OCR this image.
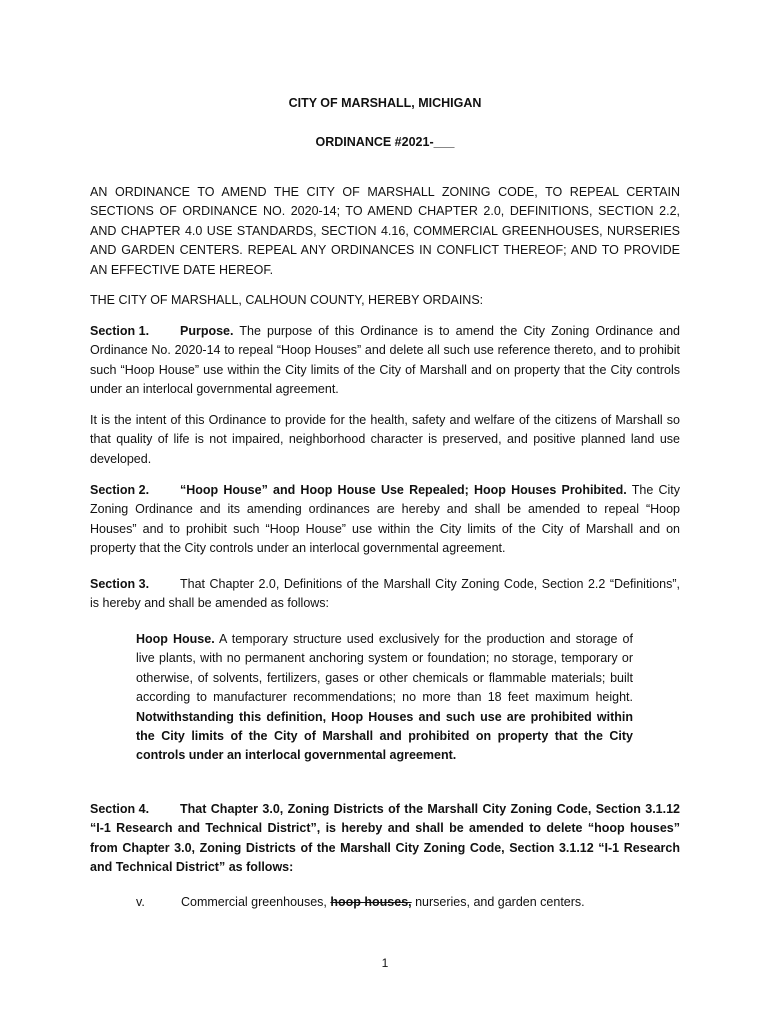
CITY OF MARSHALL, MICHIGAN
ORDINANCE #2021-___

AN ORDINANCE TO AMEND THE CITY OF MARSHALL ZONING CODE, TO REPEAL CERTAIN SECTIONS OF ORDINANCE NO. 2020-14; TO AMEND CHAPTER 2.0, DEFINITIONS, SECTION 2.2, AND CHAPTER 4.0 USE STANDARDS, SECTION 4.16, COMMERCIAL GREENHOUSES, NURSERIES AND GARDEN CENTERS. REPEAL ANY ORDINANCES IN CONFLICT THEREOF; AND TO PROVIDE AN EFFECTIVE DATE HEREOF.

THE CITY OF MARSHALL, CALHOUN COUNTY, HEREBY ORDAINS:

Section 1. Purpose. The purpose of this Ordinance is to amend the City Zoning Ordinance and Ordinance No. 2020-14 to repeal “Hoop Houses” and delete all such use reference thereto, and to prohibit such “Hoop House” use within the City limits of the City of Marshall and on property that the City controls under an interlocal governmental agreement.

It is the intent of this Ordinance to provide for the health, safety and welfare of the citizens of Marshall so that quality of life is not impaired, neighborhood character is preserved, and positive planned land use developed.

Section 2. “Hoop House” and Hoop House Use Repealed; Hoop Houses Prohibited. The City Zoning Ordinance and its amending ordinances are hereby and shall be amended to repeal “Hoop Houses” and to prohibit such “Hoop House” use within the City limits of the City of Marshall and on property that the City controls under an interlocal governmental agreement.

Section 3. That Chapter 2.0, Definitions of the Marshall City Zoning Code, Section 2.2 “Definitions”, is hereby and shall be amended as follows:

Hoop House. A temporary structure used exclusively for the production and storage of live plants, with no permanent anchoring system or foundation; no storage, temporary or otherwise, of solvents, fertilizers, gases or other chemicals or flammable materials; built according to manufacturer recommendations; no more than 18 feet maximum height. Notwithstanding this definition, Hoop Houses and such use are prohibited within the City limits of the City of Marshall and prohibited on property that the City controls under an interlocal governmental agreement.

Section 4. That Chapter 3.0, Zoning Districts of the Marshall City Zoning Code, Section 3.1.12 “I-1 Research and Technical District”, is hereby and shall be amended to delete “hoop houses” from Chapter 3.0, Zoning Districts of the Marshall City Zoning Code, Section 3.1.12 “I-1 Research and Technical District” as follows:

v.	Commercial greenhouses, hoop houses, nurseries, and garden centers.
1
